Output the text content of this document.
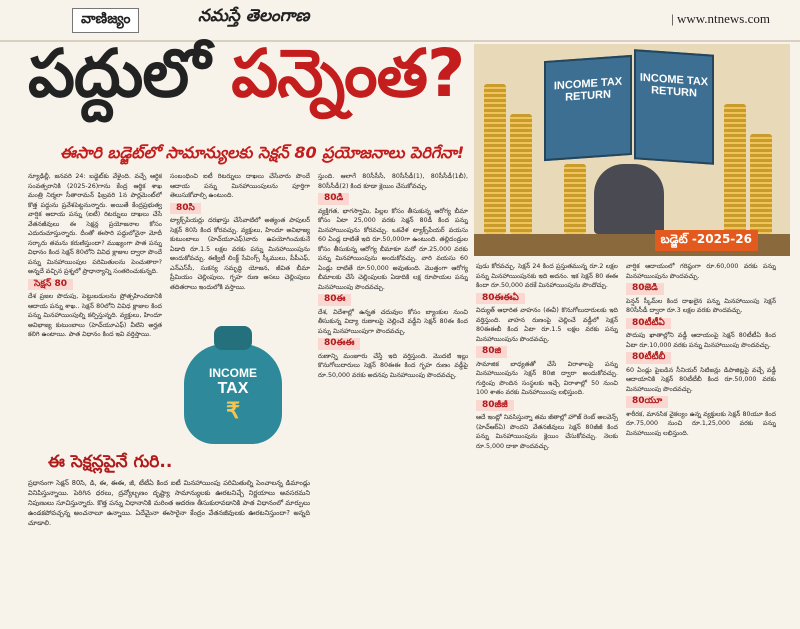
వాణిజ్యం	నమస్తే తెలంగాణ	| www.ntnews.com
పద్దులో పన్నెంత?
ఈసారి బడ్జెట్‌లో సామాన్యులకు సెక్షన్ 80 ప్రయోజనాలు పెరిగేనా!
INCOME TAX RETURN
INCOME TAX RETURN
బడ్జెట్ -2025-26
INCOME
TAX
₹
న్యూఢిల్లీ, జనవరి 24: బడ్జెట్‌కు వేళైంది. వచ్చే ఆర్థిక సంవత్సరానికి (2025-26)గాను కేంద్ర ఆర్థిక శాఖ మంత్రి నిర్మలా సీతారామన్ ఫిబ్రవరి 1న పార్లమెంట్‌లో కొత్త పద్దును ప్రవేశపెట్టనున్నారు. అయితే కేంద్రప్రభుత్వ వార్షిక ఆదాయ పన్ను (ఐటీ) రిటర్నులు దాఖలు చేసే వేతనజీవులు ఈ సెక్షన్ల ప్రయోజనాల కోసం ఎదురుచూస్తున్నారు. దీంతో ఈసారి పద్దులోనైనా మోదీ సర్కారు తమను కరుణిస్తుందా? ముఖ్యంగా పాత పన్ను విధానం కింద సెక్షన్ 80లోని వివిధ క్లాజుల ద్వారా పొందే పన్ను మినహాయింపుల పరిమితులను పెంచుతారా? అన్నదే వచ్చిన ప్రశ్నలో ప్రాధాన్యాన్ని సంతరించుకున్నది.
సెక్షన్ 80
దేశ ప్రజల పొదుపు, పెట్టుబడులను ప్రోత్సహించడానికి ఆదాయ పన్ను శాఖ.. సెక్షన్ 80లోని వివిధ క్లాజుల కింద పన్ను మినహాయింపుల్ని కల్పిస్తున్నది. వ్యక్తులు, హిందూ అవిభాజ్య కుటుంబాలు (హెచ్‌యూఎఫ్) వీటిని అర్హత కలిగి ఉంటాయి. పాత విధానం కింద ఇవి వర్తిస్తాయి.
సంబంధించి ఐటీ రిటర్నులు దాఖలు చేసేవారు పొందే ఆదాయ పన్ను మినహాయింపులను పూర్తిగా తెలుసుకోవాల్సి ఉంటుంది.
80సి
ట్యాక్స్‌పేయర్లు దరఖాస్తు చేసేవాటిలో అత్యంత పాపులర్ సెక్షన్ 80సి కింద కోరవచ్చు. వ్యక్తులు, హిందూ అవిభాజ్య కుటుంబాలు (హెచ్‌యూఎఫ్)వారు ఉపయోగించుకునే ఏడాది రూ.1.5 లక్షల వరకు పన్ను మినహాయింపును అందుకోవచ్చు. ఈక్విటీ లింక్డ్ సేవింగ్స్ స్కీములు, పీపీఎఫ్, ఎన్ఎస్‌సీ, సుకన్య సమృద్ధి యోజన, జీవిత బీమా ప్రీమియం చెల్లింపులు, గృహ రుణ అసలు చెల్లింపులు తదితరాలు ఇందులోకి వస్తాయి.
స్తుంది. ఆలాగే 80సీసీసీ, 80సీసీడీ(1), 80సీసీడీ(1బీ), 80సీసీడీ(2) కింద కూడా క్లెయిం చేసుకోవచ్చు.
80డి
వ్యక్తిగత, భాగస్వామి, పిల్లల కోసం తీసుకున్న ఆరోగ్య బీమా కోసం ఏటా 25,000 వరకు సెక్షన్ 80డీ కింద పన్ను మినహాయింపును కోరవచ్చు. ఒకవేళ ట్యాక్స్‌పేయర్ వయసు 60 ఏండ్ల దాటితే ఇది రూ.50,000గా ఉంటుంది. తల్లిదండ్రుల కోసం తీసుకున్న ఆరోగ్య బీమాకూ మరో రూ.25,000 వరకు పన్ను మినహాయింపును అందుకోవచ్చు. వారి వయసు 60 ఏండ్లు దాటితే రూ.50,000 అవుతుంది. మొత్తంగా ఆరోగ్య బీమాలకు చేసే చెల్లింపులకు ఏడాదికి లక్ష రూపాయల పన్ను మినహాయింపు పొందవచ్చు.
80ఈ
దేశ, విదేశాల్లో ఉన్నత చదువుల కోసం బ్యాంకుల నుంచి తీసుకున్న విద్యా రుణాలపై చెల్లించే వడ్డీని సెక్షన్ 80ఈ కింద పన్ను మినహాయింపుగా పొందవచ్చు.
80ఈఈ
రుణాన్ని మంజూరు చేస్తే ఇది వర్తిస్తుంది. మొదటి ఇల్లు కొనుగోలుదారులు సెక్షన్ 80ఈఈ కింద గృహ రుణం వడ్డీపై రూ.50,000 వరకు అదనపు మినహాయింపు పొందవచ్చు.
పుడు కోరవచ్చు. సెక్షన్ 24 కింద ప్రస్తుతమున్న రూ.2 లక్షల పన్ను మినహాయింపునకు ఇది అదనం. ఇక సెక్షన్ 80 ఈఈ కిందా రూ.50,000 వరకే మినహాయింపును పొందొచ్చు.
80ఈఈఏ
విద్యుత్ ఆధారిత వాహనం (ఈవీ) కొనుగోలుదారులకు ఇది వర్తిస్తుంది. వాహన రుణంపై చెల్లించే వడ్డీలో సెక్షన్ 80ఈఈబీ కింద ఏటా రూ.1.5 లక్షల వరకు పన్ను మినహాయింపును పొందవచ్చు.
80జి
సామాజిక బాధ్యతతో చేసే విరాళాలపై పన్ను మినహాయింపును సెక్షన్ 80జి ద్వారా అందుకోవచ్చు. గుర్తింపు పొందిన సంస్థలకు ఇచ్చే విరాళాల్లో 50 నుంచి 100 శాతం వరకు మినహాయింపు లభిస్తుంది.
80జీజీ
ఆదే ఇంట్లో నివసిస్తున్నా తమ జీతాల్లో హౌజ్ రెంట్ అలవెన్స్ (హెచ్ఆర్ఏ) పొందని వేతనజీవులు సెక్షన్ 80జీజీ కింద పన్ను మినహాయింపును క్లెయిం చేసుకోవచ్చు. నెలకు రూ.5,000 దాకా పొందవచ్చు.
వార్షిక ఆదాయంలో గరిష్ఠంగా రూ.60,000 వరకు పన్ను మినహాయింపును పొందవచ్చు.
80జెడి
పెన్షన్ స్కీమ్‌ల కింద దాఖలైన పన్ను మినహాయింపు సెక్షన్ 80సీసీడీ ద్వారా రూ.3 లక్షల వరకు పొందవచ్చు.
80టీటీఏ
పొదుపు ఖాతాల్లోని వడ్డీ ఆదాయంపై సెక్షన్ 80టీటీఏ కింద ఏటా రూ.10,000 వరకు పన్ను మినహాయింపు పొందవచ్చు.
80టీటీబీ
60 ఏండ్లు పైబడిన సీనియర్ సిటిజన్లు డిపాజిట్లపై వచ్చే వడ్డీ ఆదాయానికి సెక్షన్ 80టీటీబీ కింద రూ.50,000 వరకు మినహాయింపు పొందవచ్చు.
80యూ
శారీరక, మానసిక వైకల్యం ఉన్న వ్యక్తులకు సెక్షన్ 80యూ కింద రూ.75,000 నుంచి రూ.1,25,000 వరకు పన్ను మినహాయింపు లభిస్తుంది.
ఈ సెక్షన్లపైనే గురి..
ప్రధానంగా సెక్షన్ 80సి, డి, ఈ, ఈఈ, జీ, టీటీఏ కింద ఐటీ మినహాయింపు పరిమితుల్ని పెంచాలన్న డిమాండ్లు వినిపిస్తున్నాయి. పెరిగిన ధరలు, ద్రవ్యోల్బణం దృష్ట్యా సామాన్యులకు ఊరటనిచ్చే నిర్ణయాలు అవసరమని నిపుణులు సూచిస్తున్నారు. కొత్త పన్ను విధానానికి మరింత ఆదరణ తీసుకురావడానికి పాత విధానంలో మార్పులు ఉండకపోవచ్చన్న అంచనాలూ ఉన్నాయి. ఏదేమైనా ఈసారైనా కేంద్రం వేతనజీవులకు ఊరటనిస్తుందా? అన్నది చూడాలి.
